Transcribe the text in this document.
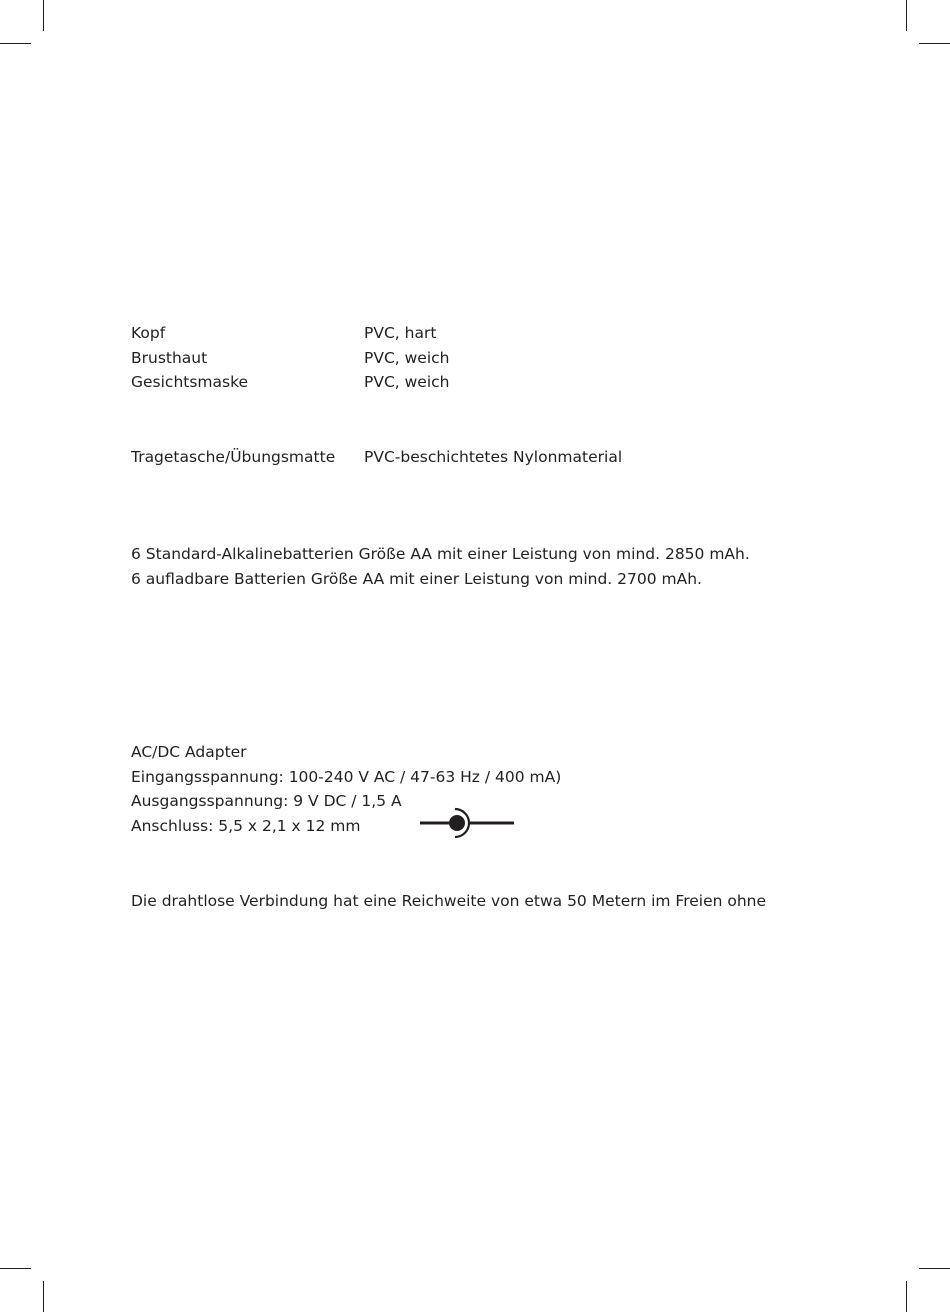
Kopf	PVC, hart
Brusthaut	PVC, weich
Gesichtsmaske	PVC, weich
Tragetasche/Übungsmatte PVC-beschichtetes Nylonmaterial
6 Standard-Alkalinebatterien Größe AA mit einer Leistung von mind. 2850 mAh.
6 aufladbare Batterien Größe AA mit einer Leistung von mind. 2700 mAh.
AC/DC Adapter
Eingangsspannung: 100-240 V AC / 47-63 Hz / 400 mA)
Ausgangsspannung: 9 V DC / 1,5 A
Anschluss: 5,5 x 2,1 x 12 mm
Die drahtlose Verbindung hat eine Reichweite von etwa 50 Metern im Freien ohne
